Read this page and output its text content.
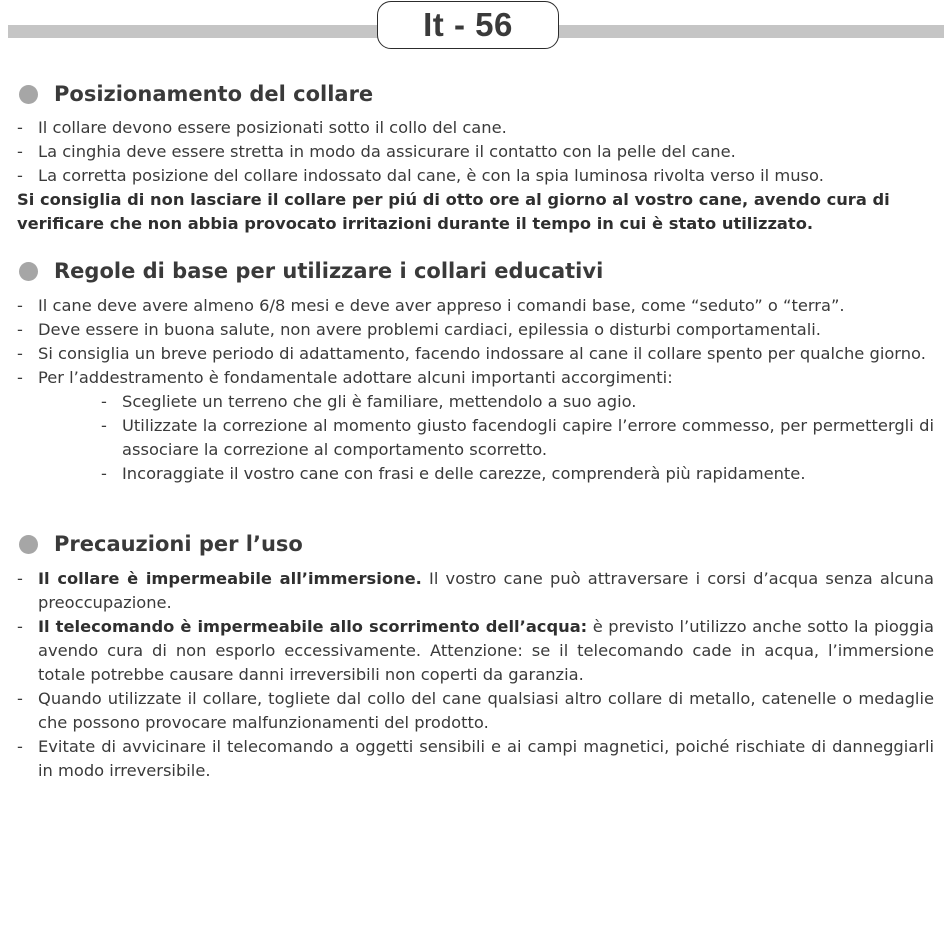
It - 56
Posizionamento del collare
- Il collare devono essere posizionati sotto il collo del cane.
- La cinghia deve essere stretta in modo da assicurare il contatto con la pelle del cane.
- La corretta posizione del collare indossato dal cane, è con la spia luminosa rivolta verso il muso.
Si consiglia di non lasciare il collare per piú di otto ore al giorno al vostro cane, avendo cura di verificare che non abbia provocato irritazioni durante il tempo in cui è stato utilizzato.
Regole di base per utilizzare i collari educativi
- Il cane deve avere almeno 6/8 mesi e deve aver appreso i comandi base, come “seduto” o “terra”.
- Deve essere in buona salute, non avere problemi cardiaci, epilessia o disturbi comportamentali.
- Si consiglia un breve periodo di adattamento, facendo indossare al cane il collare spento per qualche giorno.
- Per l’addestramento è fondamentale adottare alcuni importanti accorgimenti:
- Scegliete un terreno che gli è familiare, mettendolo a suo agio.
- Utilizzate la correzione al momento giusto facendogli capire l’errore commesso, per permettergli di associare la correzione al comportamento scorretto.
- Incoraggiate il vostro cane con frasi e delle carezze, comprenderà più rapidamente.
Precauzioni per l’uso
- Il collare è impermeabile all’immersione. Il vostro cane può attraversare i corsi d’acqua senza alcuna preoccupazione.
- Il telecomando è impermeabile allo scorrimento dell’acqua: è previsto l’utilizzo anche sotto la pioggia avendo cura di non esporlo eccessivamente. Attenzione: se il telecomando cade in acqua, l’immersione totale potrebbe causare danni irreversibili non coperti da garanzia.
- Quando utilizzate il collare, togliete dal collo del cane qualsiasi altro collare di metallo, catenelle o medaglie che possono provocare malfunzionamenti del prodotto.
- Evitate di avvicinare il telecomando a oggetti sensibili e ai campi magnetici, poiché rischiate di danneggiarli in modo irreversibile.
